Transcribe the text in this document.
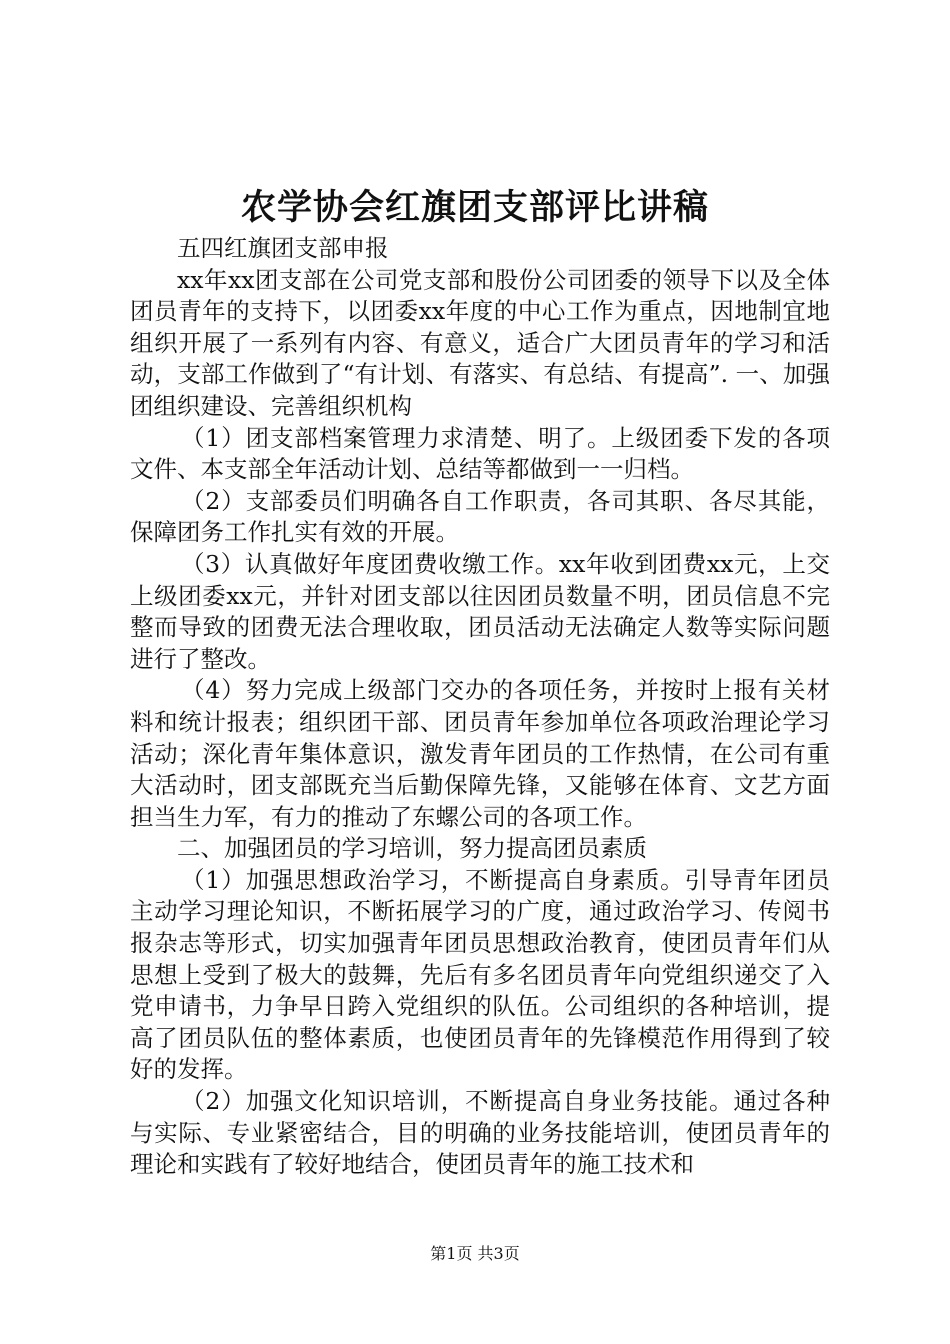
农学协会红旗团支部评比讲稿

五四红旗团支部申报

xx年xx团支部在公司党支部和股份公司团委的领导下以及全体团员青年的支持下，以团委xx年度的中心工作为重点，因地制宜地组织开展了一系列有内容、有意义，适合广大团员青年的学习和活动，支部工作做到了“有计划、有落实、有总结、有提高”. 一、加强团组织建设、完善组织机构

（1）团支部档案管理力求清楚、明了。上级团委下发的各项文件、本支部全年活动计划、总结等都做到一一归档。

（2）支部委员们明确各自工作职责，各司其职、各尽其能，保障团务工作扎实有效的开展。

（3）认真做好年度团费收缴工作。xx年收到团费xx元，上交上级团委xx元，并针对团支部以往因团员数量不明，团员信息不完整而导致的团费无法合理收取，团员活动无法确定人数等实际问题进行了整改。

（4）努力完成上级部门交办的各项任务，并按时上报有关材料和统计报表；组织团干部、团员青年参加单位各项政治理论学习活动；深化青年集体意识，激发青年团员的工作热情，在公司有重大活动时，团支部既充当后勤保障先锋，又能够在体育、文艺方面担当生力军，有力的推动了东螺公司的各项工作。

二、加强团员的学习培训，努力提高团员素质

（1）加强思想政治学习，不断提高自身素质。引导青年团员主动学习理论知识，不断拓展学习的广度，通过政治学习、传阅书报杂志等形式，切实加强青年团员思想政治教育，使团员青年们从思想上受到了极大的鼓舞，先后有多名团员青年向党组织递交了入党申请书，力争早日跨入党组织的队伍。公司组织的各种培训，提高了团员队伍的整体素质，也使团员青年的先锋模范作用得到了较好的发挥。

（2）加强文化知识培训，不断提高自身业务技能。通过各种与实际、专业紧密结合，目的明确的业务技能培训，使团员青年的理论和实践有了较好地结合，使团员青年的施工技术和

第1页 共3页
